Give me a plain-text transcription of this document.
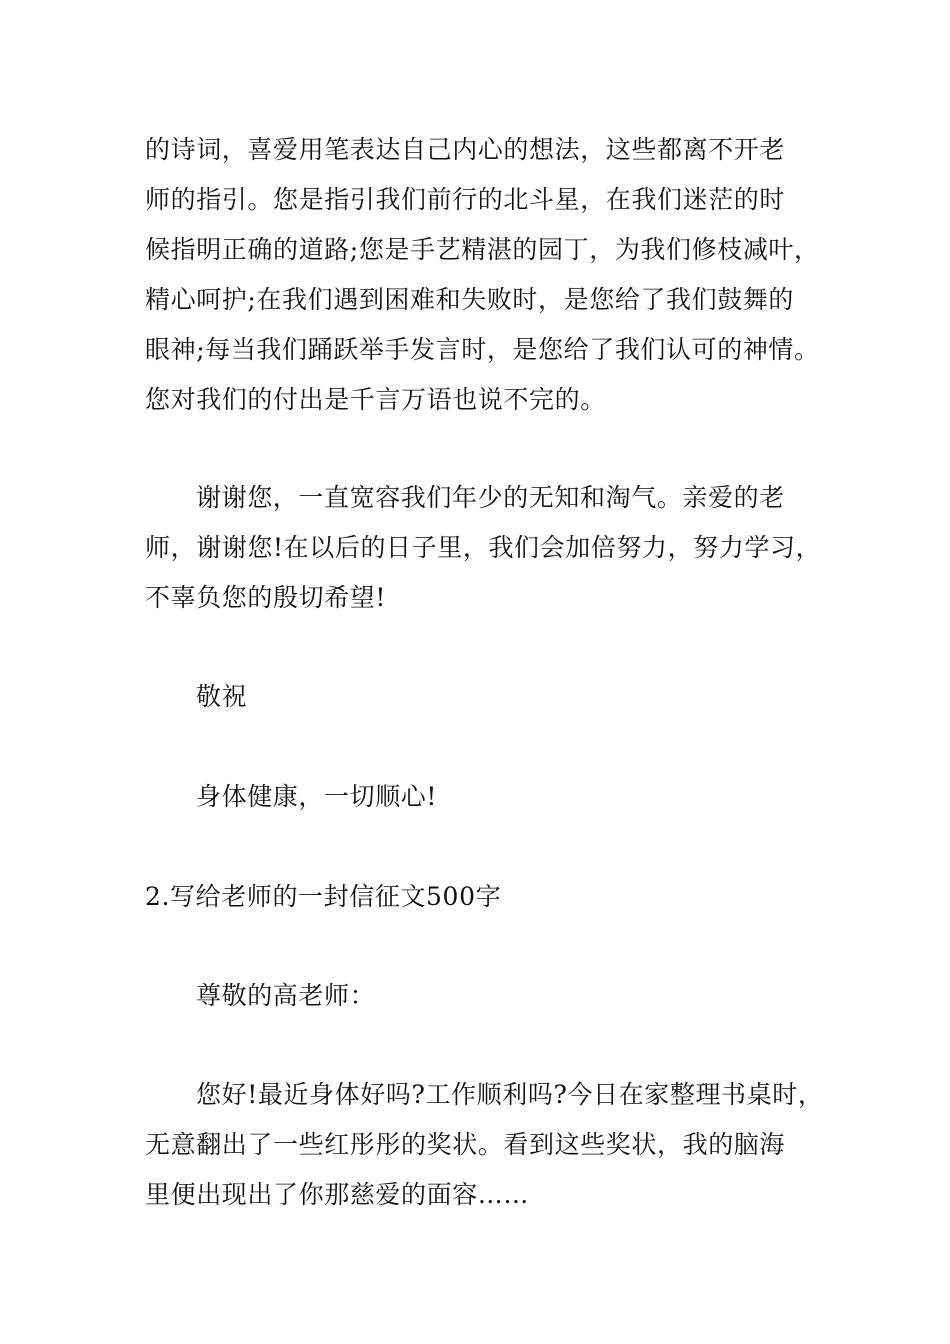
的诗词，喜爱用笔表达自己内心的想法，这些都离不开老
师的指引。您是指引我们前行的北斗星，在我们迷茫的时
候指明正确的道路;您是手艺精湛的园丁，为我们修枝减叶，
精心呵护;在我们遇到困难和失败时，是您给了我们鼓舞的
眼神;每当我们踊跃举手发言时，是您给了我们认可的神情。
您对我们的付出是千言万语也说不完的。
谢谢您，一直宽容我们年少的无知和淘气。亲爱的老
师，谢谢您!在以后的日子里，我们会加倍努力，努力学习，
不辜负您的殷切希望!
敬祝
身体健康，一切顺心!
2.写给老师的一封信征文500字
尊敬的高老师：
您好!最近身体好吗?工作顺利吗?今日在家整理书桌时，
无意翻出了一些红彤彤的奖状。看到这些奖状，我的脑海
里便出现出了你那慈爱的面容……
